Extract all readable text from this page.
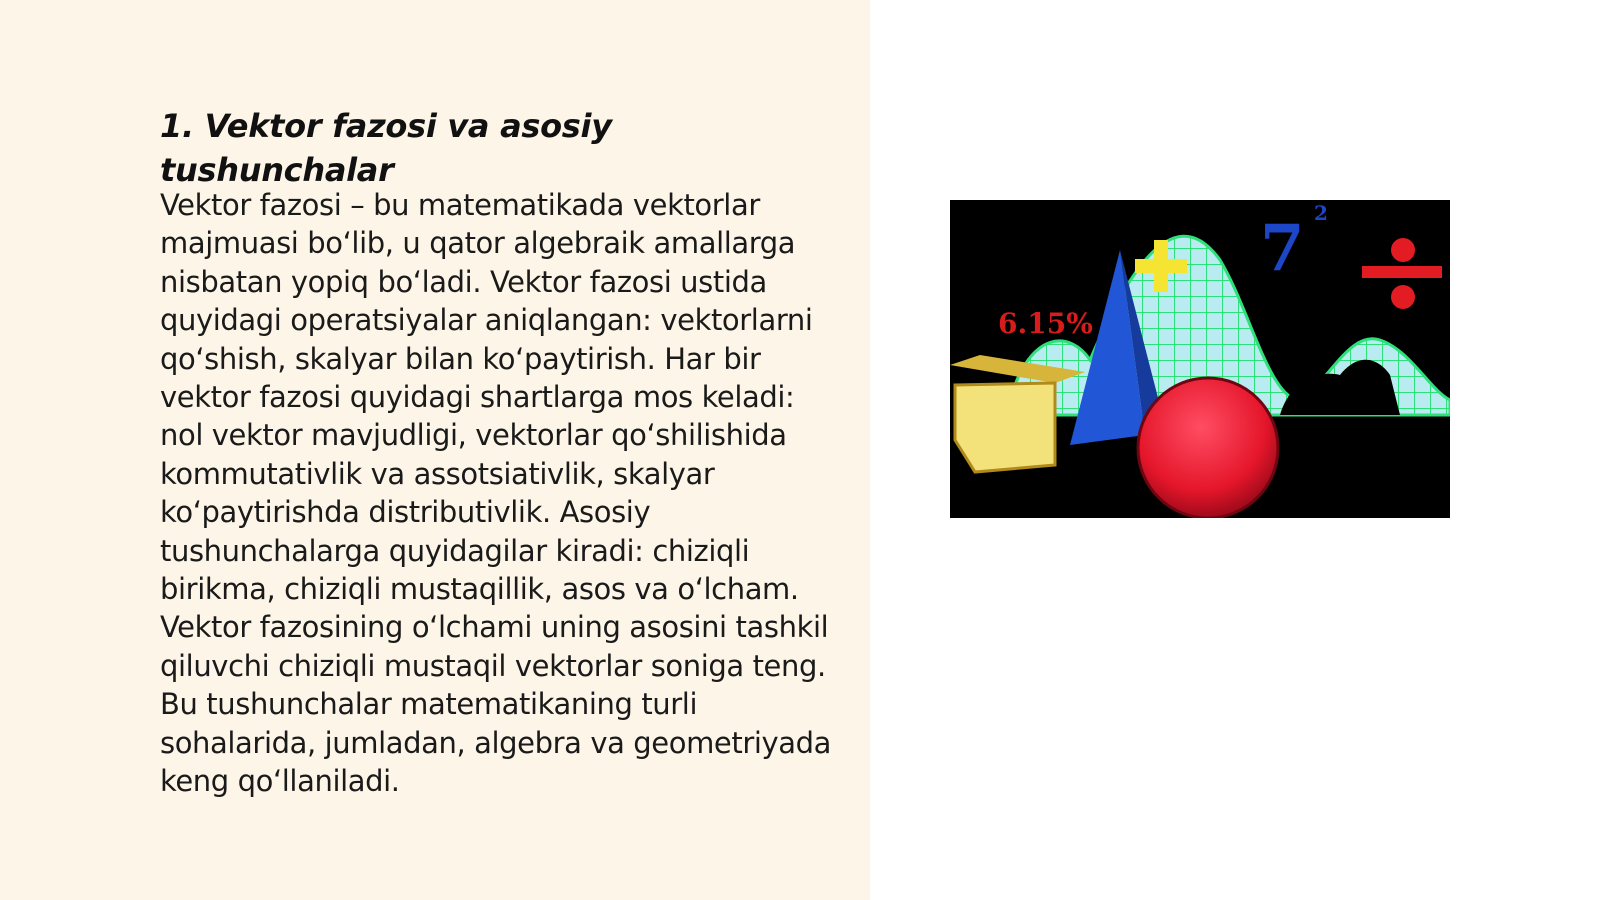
1. Vektor fazosi va asosiy tushunchalar

Vektor fazosi – bu matematikada vektorlar majmuasi bo‘lib, u qator algebraik amallarga nisbatan yopiq bo‘ladi. Vektor fazosi ustida quyidagi operatsiyalar aniqlangan: vektorlarni qo‘shish, skalyar bilan ko‘paytirish. Har bir vektor fazosi quyidagi shartlarga mos keladi: nol vektor mavjudligi, vektorlar qo‘shilishida kommutativlik va assotsiativlik, skalyar ko‘paytirishda distributivlik. Asosiy tushunchalarga quyidagilar kiradi: chiziqli birikma, chiziqli mustaqillik, asos va o‘lcham. Vektor fazosining o‘lchami uning asosini tashkil qiluvchi chiziqli mustaqil vektorlar soniga teng. Bu tushunchalar matematikaning turli sohalarida, jumladan, algebra va geometriyada keng qo‘llaniladi.

7 2
6.15%
